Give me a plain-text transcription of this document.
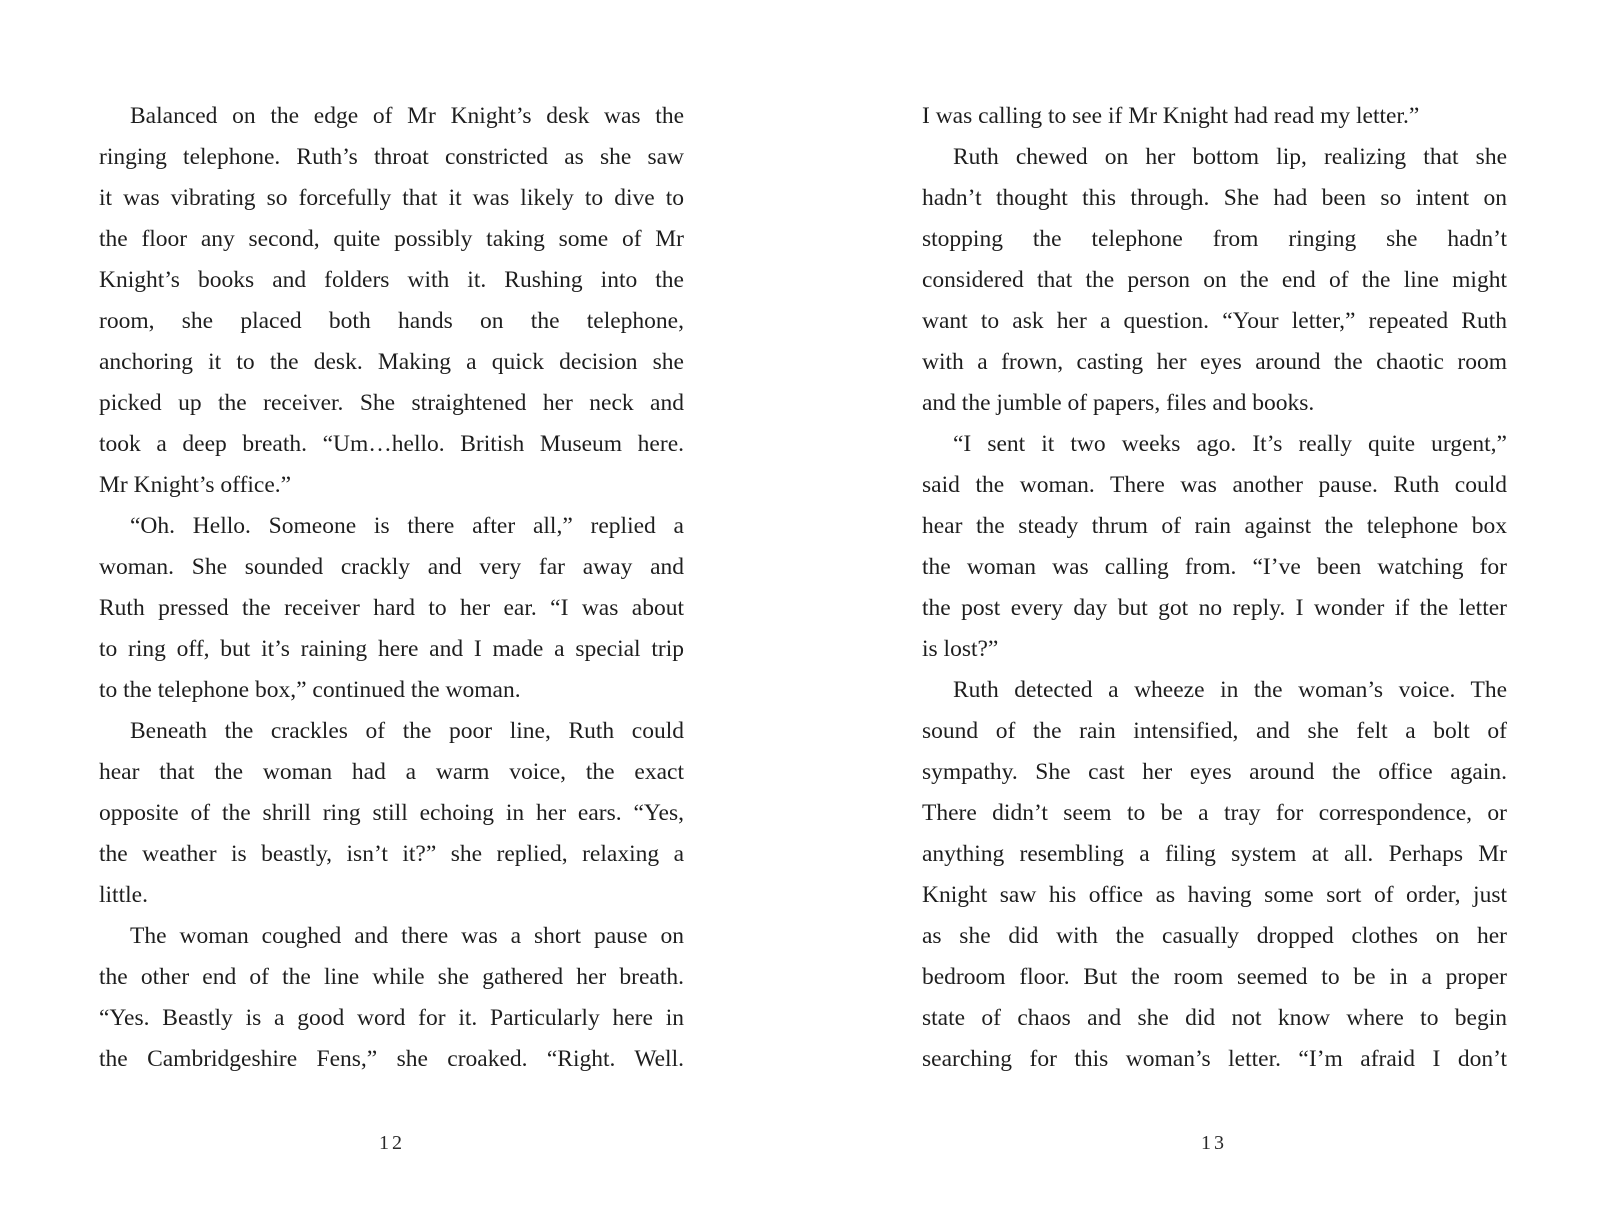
Balanced on the edge of Mr Knight’s desk was the
ringing telephone. Ruth’s throat constricted as she saw
it was vibrating so forcefully that it was likely to dive to
the floor any second, quite possibly taking some of Mr
Knight’s books and folders with it. Rushing into the
room, she placed both hands on the telephone,
anchoring it to the desk. Making a quick decision she
picked up the receiver. She straightened her neck and
took a deep breath. “Um…hello. British Museum here.
Mr Knight’s office.”
“Oh. Hello. Someone is there after all,” replied a
woman. She sounded crackly and very far away and
Ruth pressed the receiver hard to her ear. “I was about
to ring off, but it’s raining here and I made a special trip
to the telephone box,” continued the woman.
Beneath the crackles of the poor line, Ruth could
hear that the woman had a warm voice, the exact
opposite of the shrill ring still echoing in her ears. “Yes,
the weather is beastly, isn’t it?” she replied, relaxing a
little.
The woman coughed and there was a short pause on
the other end of the line while she gathered her breath.
“Yes. Beastly is a good word for it. Particularly here in
the Cambridgeshire Fens,” she croaked. “Right. Well.
12
I was calling to see if Mr Knight had read my letter.”
Ruth chewed on her bottom lip, realizing that she
hadn’t thought this through. She had been so intent on
stopping the telephone from ringing she hadn’t
considered that the person on the end of the line might
want to ask her a question. “Your letter,” repeated Ruth
with a frown, casting her eyes around the chaotic room
and the jumble of papers, files and books.
“I sent it two weeks ago. It’s really quite urgent,”
said the woman. There was another pause. Ruth could
hear the steady thrum of rain against the telephone box
the woman was calling from. “I’ve been watching for
the post every day but got no reply. I wonder if the letter
is lost?”
Ruth detected a wheeze in the woman’s voice. The
sound of the rain intensified, and she felt a bolt of
sympathy. She cast her eyes around the office again.
There didn’t seem to be a tray for correspondence, or
anything resembling a filing system at all. Perhaps Mr
Knight saw his office as having some sort of order, just
as she did with the casually dropped clothes on her
bedroom floor. But the room seemed to be in a proper
state of chaos and she did not know where to begin
searching for this woman’s letter. “I’m afraid I don’t
13
